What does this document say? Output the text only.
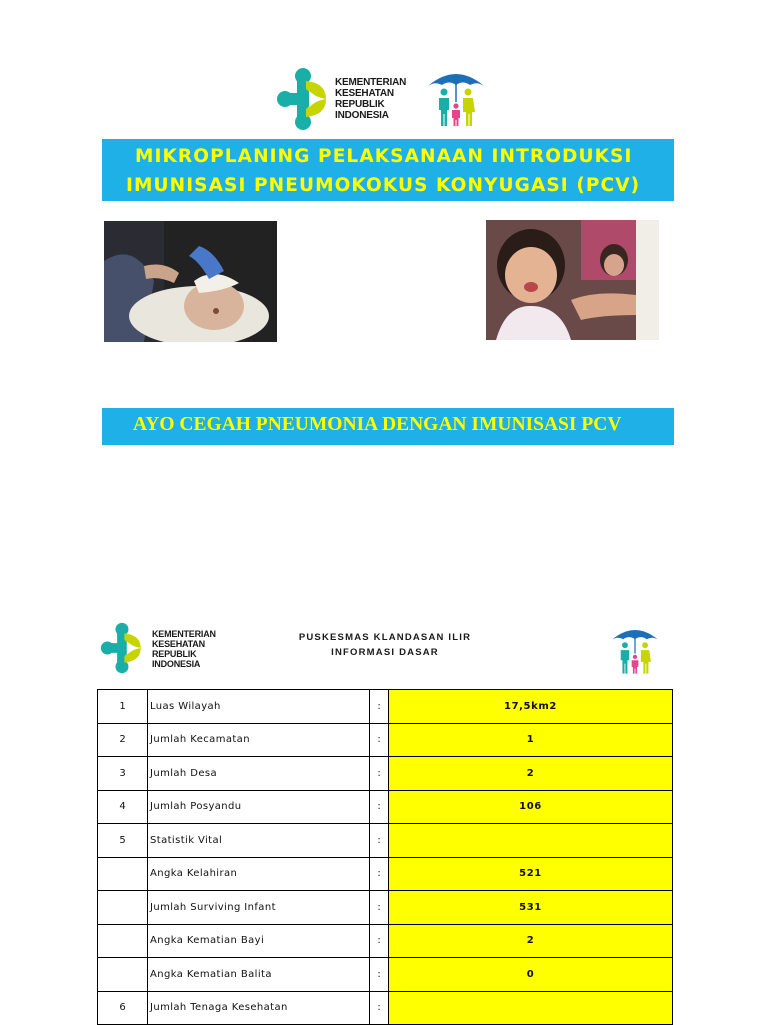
KEMENTERIAN
KESEHATAN
REPUBLIK
INDONESIA
MIKROPLANING PELAKSANAAN INTRODUKSI
IMUNISASI PNEUMOKOKUS KONYUGASI (PCV)
AYO CEGAH PNEUMONIA DENGAN IMUNISASI PCV
KEMENTERIAN
KESEHATAN
REPUBLIK
INDONESIA
PUSKESMAS KLANDASAN ILIR
INFORMASI DASAR
1	Luas Wilayah	:	17,5km2
2	Jumlah Kecamatan	:	1
3	Jumlah Desa	:	2
4	Jumlah Posyandu	:	106
5	Statistik Vital	:	
	Angka Kelahiran	:	521
	Jumlah Surviving Infant	:	531
	Angka Kematian Bayi	:	2
	Angka Kematian Balita	:	0
6	Jumlah Tenaga Kesehatan	:	
